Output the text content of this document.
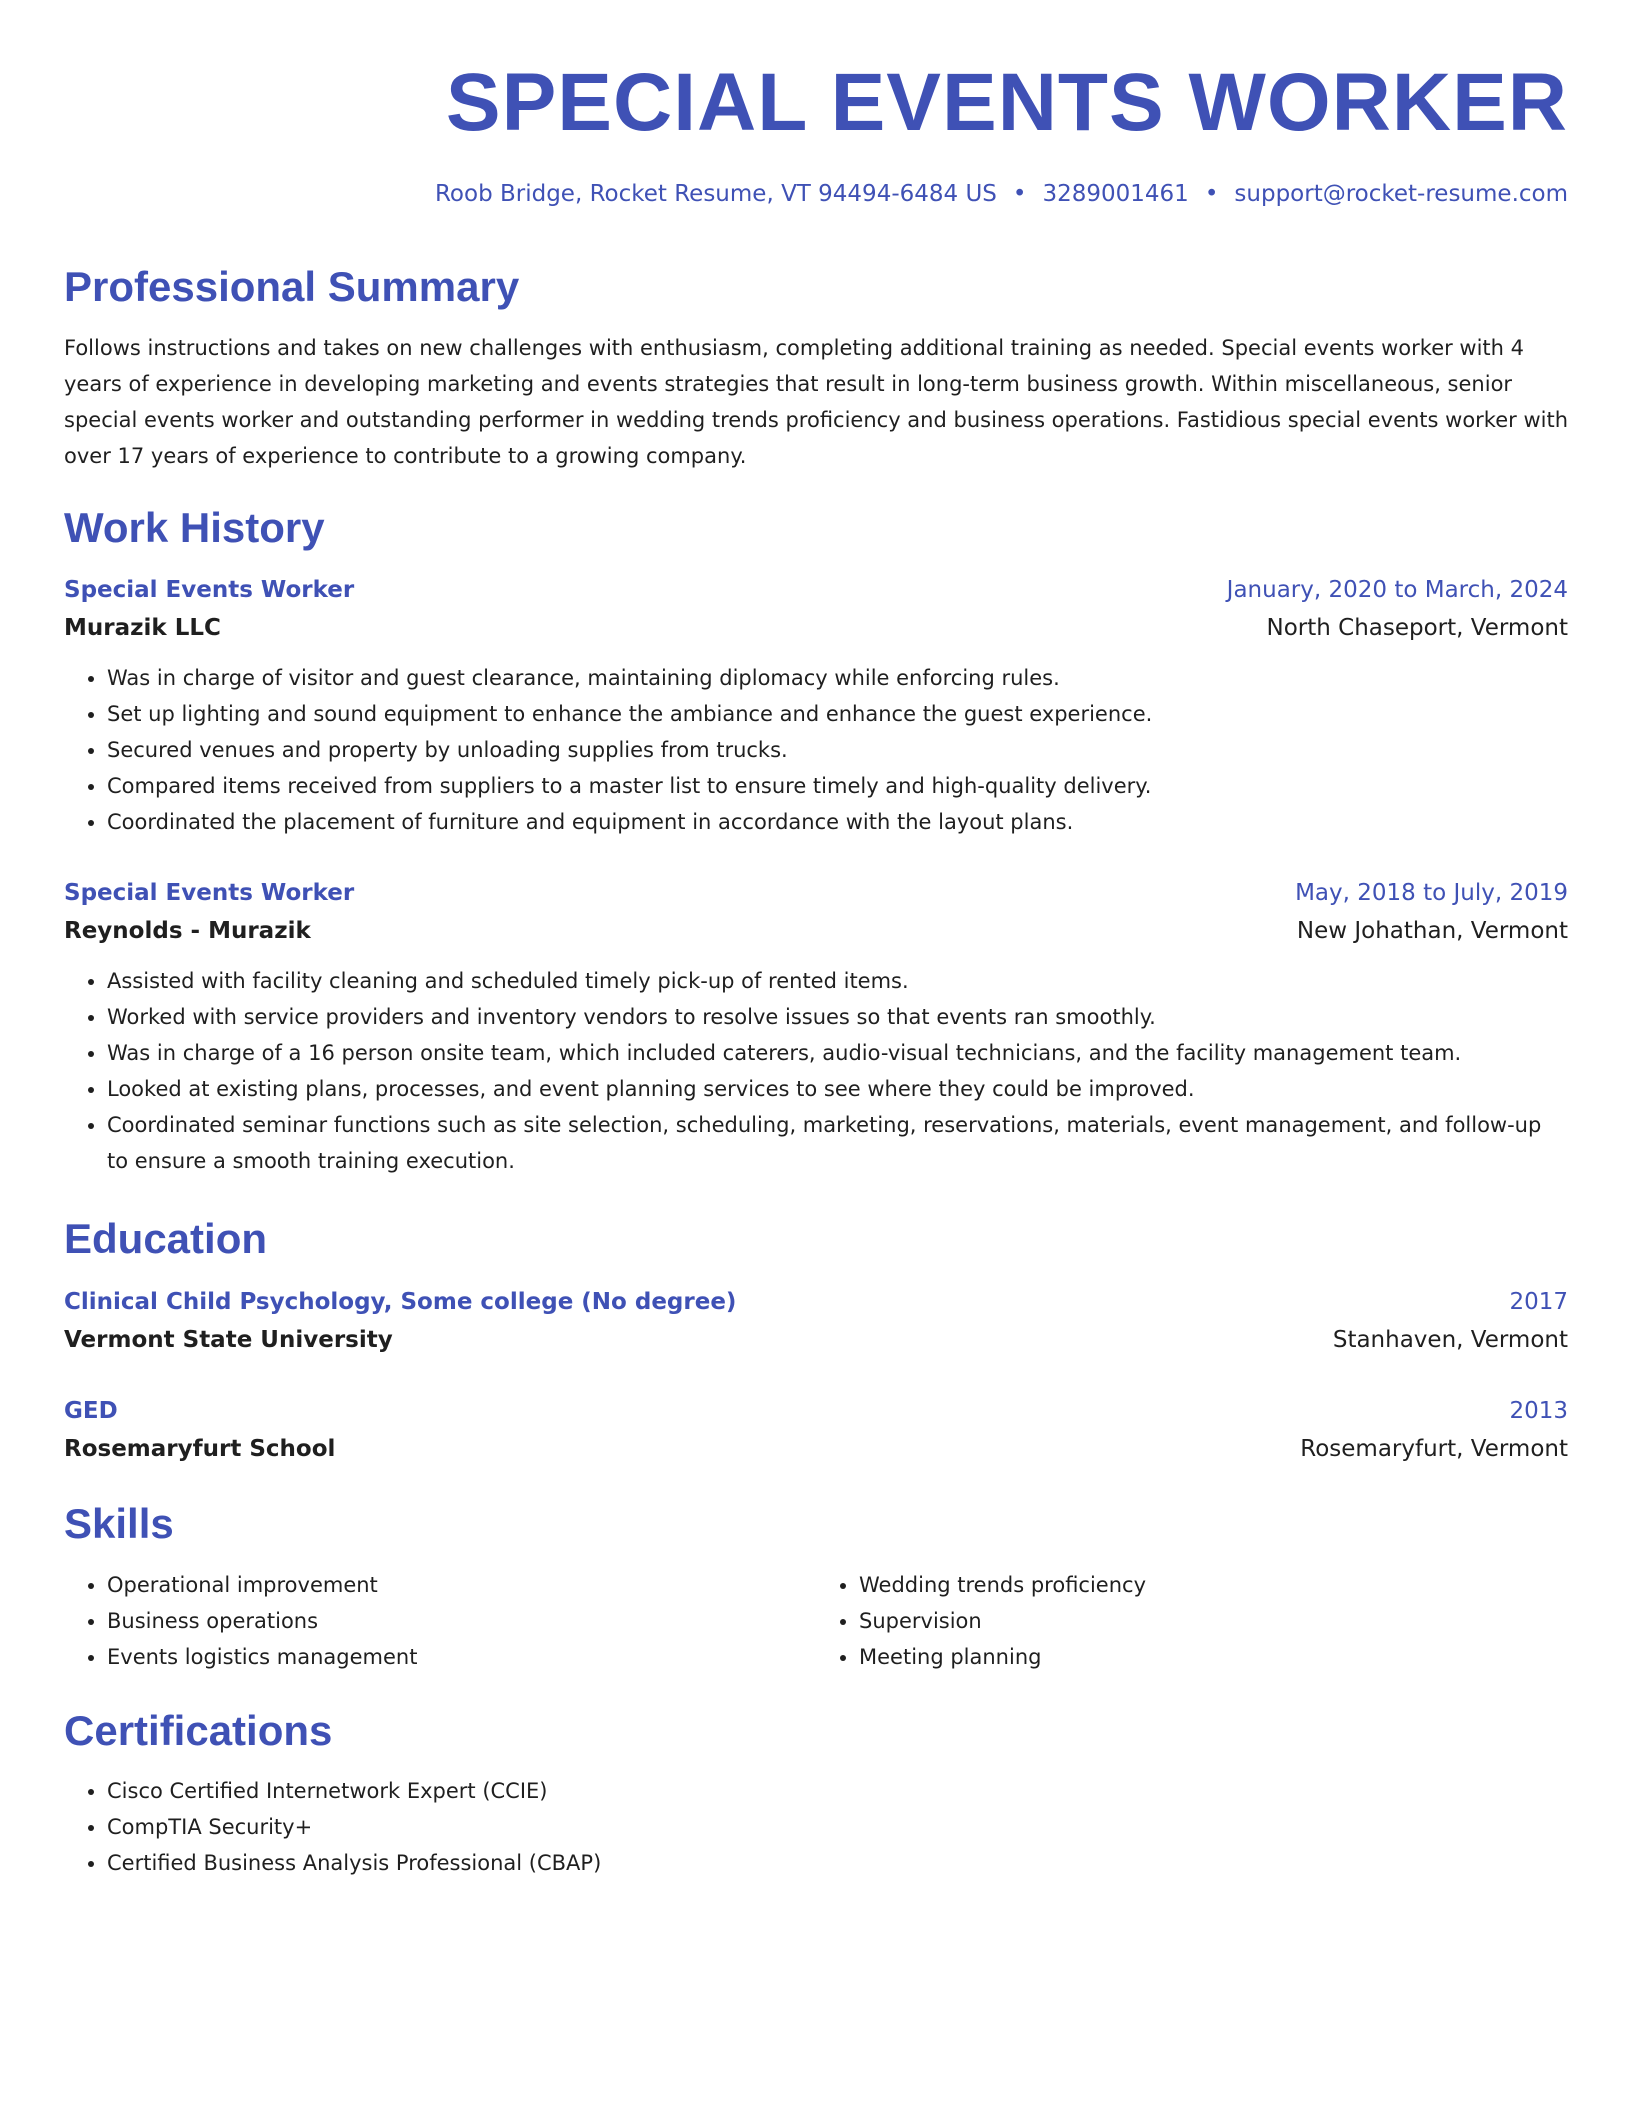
SPECIAL EVENTS WORKER
Roob Bridge, Rocket Resume, VT 94494-6484 US • 3289001461 • support@rocket-resume.com
Professional Summary

Follows instructions and takes on new challenges with enthusiasm, completing additional training as needed. Special events worker with 4 years of experience in developing marketing and events strategies that result in long-term business growth. Within miscellaneous, senior special events worker and outstanding performer in wedding trends proficiency and business operations. Fastidious special events worker with over 17 years of experience to contribute to a growing company.

Work History
Special Events Worker	January, 2020 to March, 2024
Murazik LLC	North Chaseport, Vermont
• Was in charge of visitor and guest clearance, maintaining diplomacy while enforcing rules.
• Set up lighting and sound equipment to enhance the ambiance and enhance the guest experience.
• Secured venues and property by unloading supplies from trucks.
• Compared items received from suppliers to a master list to ensure timely and high-quality delivery.
• Coordinated the placement of furniture and equipment in accordance with the layout plans.
Special Events Worker	May, 2018 to July, 2019
Reynolds - Murazik	New Johathan, Vermont
• Assisted with facility cleaning and scheduled timely pick-up of rented items.
• Worked with service providers and inventory vendors to resolve issues so that events ran smoothly.
• Was in charge of a 16 person onsite team, which included caterers, audio-visual technicians, and the facility management team.
• Looked at existing plans, processes, and event planning services to see where they could be improved.
• Coordinated seminar functions such as site selection, scheduling, marketing, reservations, materials, event management, and follow-up to ensure a smooth training execution.
Education
Clinical Child Psychology, Some college (No degree)	2017
Vermont State University	Stanhaven, Vermont
GED	2013
Rosemaryfurt School	Rosemaryfurt, Vermont
Skills
• Operational improvement
• Business operations
• Events logistics management
• Wedding trends proficiency
• Supervision
• Meeting planning
Certifications
• Cisco Certified Internetwork Expert (CCIE)
• CompTIA Security+
• Certified Business Analysis Professional (CBAP)
